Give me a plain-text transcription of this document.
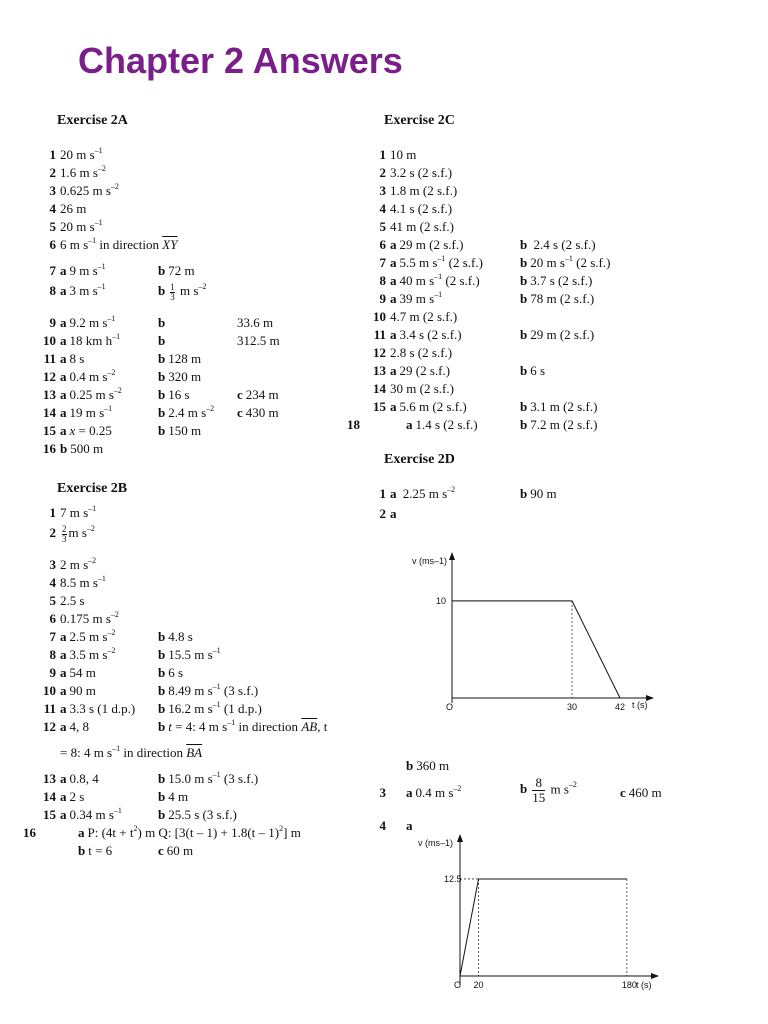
Chapter 2 Answers
Exercise 2A
1 20 m $s^{-1}$
2 1.6 m $s^{-2}$
3 0.625 m $s^{-2}$
4 26 m
5 20 m $s^{-1}$
6 6 m $s^{-1}$ in direction $\overline{XY}$
7 a 9 m $s^{-1}$	b 72 m
8 a 3 m $s^{-1}$	b $\frac{1}{3}$ m $s^{-2}$
9 a 9.2 m $s^{-1}$	b	33.6 m
10 a 18 km $h^{-1}$	b	312.5 m
11 a 8 s	b 128 m
12 a 0.4 m $s^{-2}$	b 320 m
13 a 0.25 m $s^{-2}$	b 16 s	c 234 m
14 a 19 m $s^{-1}$	b 2.4 m $s^{-2}$ c 430 m
15 a x = 0.25	b 150 m
16 b 500 m
Exercise 2B
1 7 m $s^{-1}$
$2 \frac{2}{3}$ m $s^{-2}$
3 2 m $s^{-2}$
4 8.5 m $s^{-1}$
5 2.5 s
6 0.175 m $s^{-2}$
7 a 2.5 m $s^{-2}$	b 4.8 s
8 a 3.5 m $s^{-2}$	b 15.5 m $s^{-1}$
9 a 54 m	b 6 s
10 a 90 m	b 8.49 m $s^{-1}$ (3 s.f.)
11 a 3.3 s (1 d.p.) b 16.2 m $s^{-1}$ (1 d.p.)
12 a 4, 8	b t = 4: 4 m $s^{-1}$ in direction $\overline{AB}$, t
= 8: 4 m $s^{-1}$ in direction $\overline{BA}$
13 a 0.8, 4	b 15.0 m $s^{-1}$ (3 s.f.)
14 a 2 s	b 4 m
15 a 0.34 m $s^{-1}$	b 25.5 s (3 s.f.)
16	a P: $(4t + t^2)$ m Q: [3(t – 1) + 1.8(t – 1)$^2$] m
b t = 6	c 60 m
Exercise 2C
1 10 m
2 3.2 s (2 s.f.)
3 1.8 m (2 s.f.)
4 4.1 s (2 s.f.)
5 41 m (2 s.f.)
6 a 29 m (2 s.f.)	b 2.4 s (2 s.f.)
7 a 5.5 m $s^{-1}$ (2 s.f.)	b 20 m $s^{-1}$ (2 s.f.)
8 a 40 m $s^{-1}$ (2 s.f.)	b 3.7 s (2 s.f.)
9 a 39 m $s^{-1}$	b 78 m (2 s.f.)
10 4.7 m (2 s.f.)
11 a 3.4 s (2 s.f.)	b 29 m (2 s.f.)
12 2.8 s (2 s.f.)
13 a 29 (2 s.f.)	b 6 s
14 30 m (2 s.f.)
15 a 5.6 m (2 s.f.)	b 3.1 m (2 s.f.)
18	a 1.4 s (2 s.f.)	b 7.2 m (2 s.f.)
Exercise 2D
1 a 2.25 m $s^{-2}$	b 90 m
2 a
b 360 m
3 a 0.4 m $s^{-2}$	b $\frac{8}{15}$ m $s^{-2}$
c 460 m
4 a
v (ms–1)
t (s)
O	30	42
10
v (ms–1)
t (s)
O 20	180
12.5
